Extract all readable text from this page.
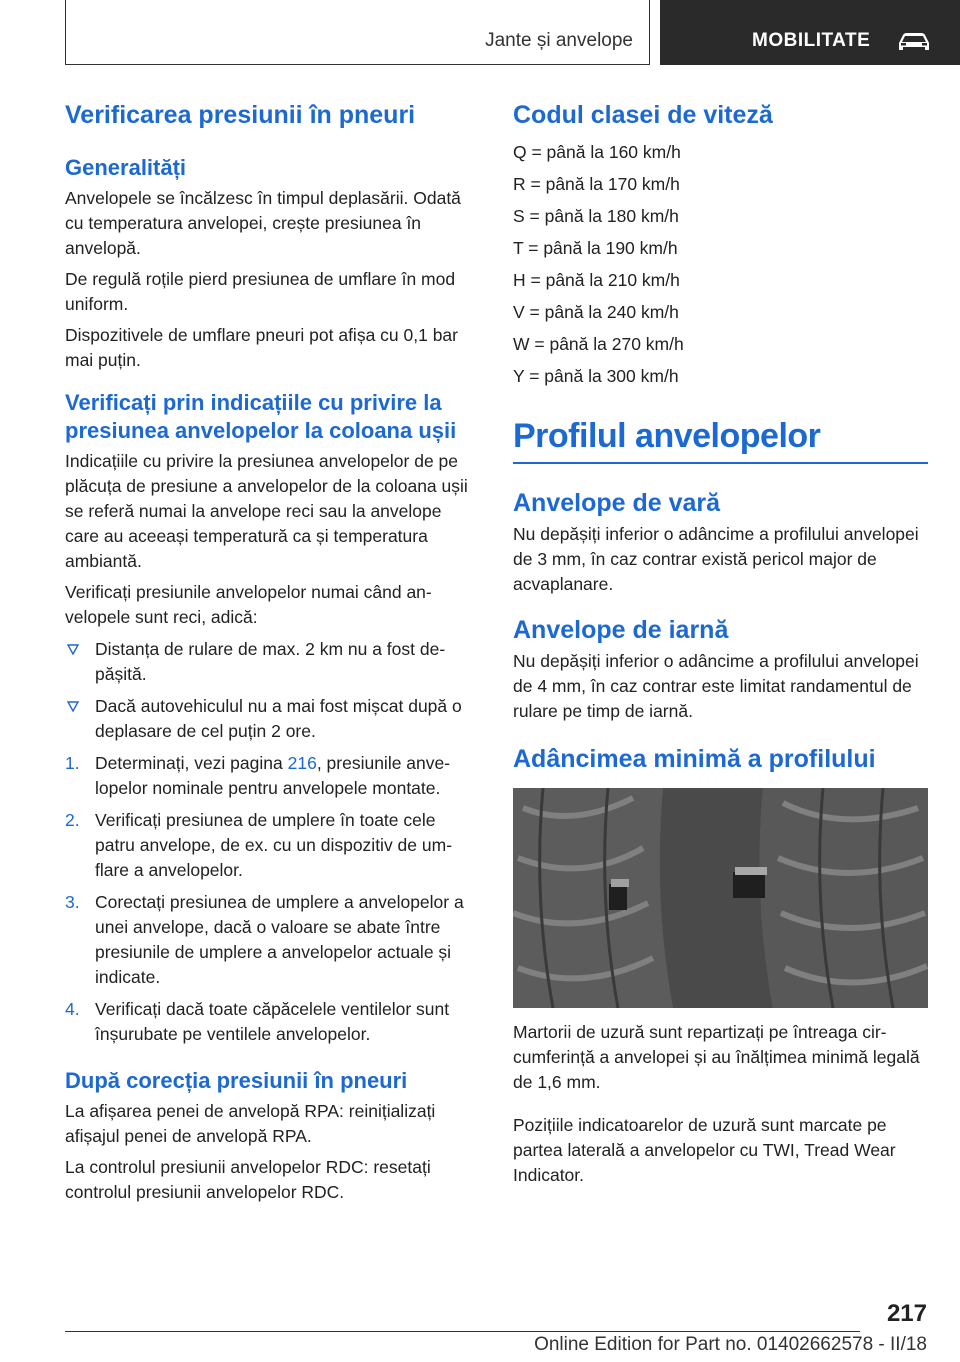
Jante și anvelope	MOBILITATE
Verificarea presiunii în pneuri
Generalități

Anvelopele se încălzesc în timpul deplasării. Odată cu temperatura anvelopei, crește presiunea în anvelopă.

De regulă roțile pierd presiunea de umflare în mod uniform.

Dispozitivele de umflare pneuri pot afișa cu 0,1 bar mai puțin.

Verificați prin indicațiile cu privire la presiunea anvelopelor la coloana ușii

Indicațiile cu privire la presiunea anvelopelor de pe plăcuța de presiune a anvelopelor de la coloana ușii se referă numai la anvelope reci sau la anvelope care au aceeași temperatură ca și temperatura ambiantă.

Verificați presiunile anvelopelor numai când anvelopele sunt reci, adică:

Distanța de rulare de max. 2 km nu a fost depășită.
Dacă autovehiculul nu a mai fost mișcat după o deplasare de cel puțin 2 ore.
1. Determinați, vezi pagina 216, presiunile anvelopelor nominale pentru anvelopele montate.
2. Verificați presiunea de umplere în toate cele patru anvelope, de ex. cu un dispozitiv de umflare a anvelopelor.
3. Corectați presiunea de umplere a anvelopelor a unei anvelope, dacă o valoare se abate între presiunile de umplere a anvelopelor actuale și indicate.
4. Verificați dacă toate căpăcelele ventilelor sunt înșurubate pe ventilele anvelopelor.
După corecția presiunii în pneuri

La afișarea penei de anvelopă RPA: reinițializați afișajul penei de anvelopă RPA.

La controlul presiunii anvelopelor RDC: resetați controlul presiunii anvelopelor RDC.

Codul clasei de viteză

Q = până la 160 km/h

R = până la 170 km/h

S = până la 180 km/h

T = până la 190 km/h

H = până la 210 km/h

V = până la 240 km/h

W = până la 270 km/h

Y = până la 300 km/h

Profilul anvelopelor
Anvelope de vară

Nu depășiți inferior o adâncime a profilului anvelopei de 3 mm, în caz contrar există pericol major de acvaplanare.

Anvelope de iarnă

Nu depășiți inferior o adâncime a profilului anvelopei de 4 mm, în caz contrar este limitat randamentul de rulare pe timp de iarnă.

Adâncimea minimă a profilului

Martorii de uzură sunt repartizați pe întreaga circumferință a anvelopei și au înălțimea minimă legală de 1,6 mm.

Pozițiile indicatoarelor de uzură sunt marcate pe partea laterală a anvelopelor cu TWI, Tread Wear Indicator.

217
Online Edition for Part no. 01402662578 - II/18
